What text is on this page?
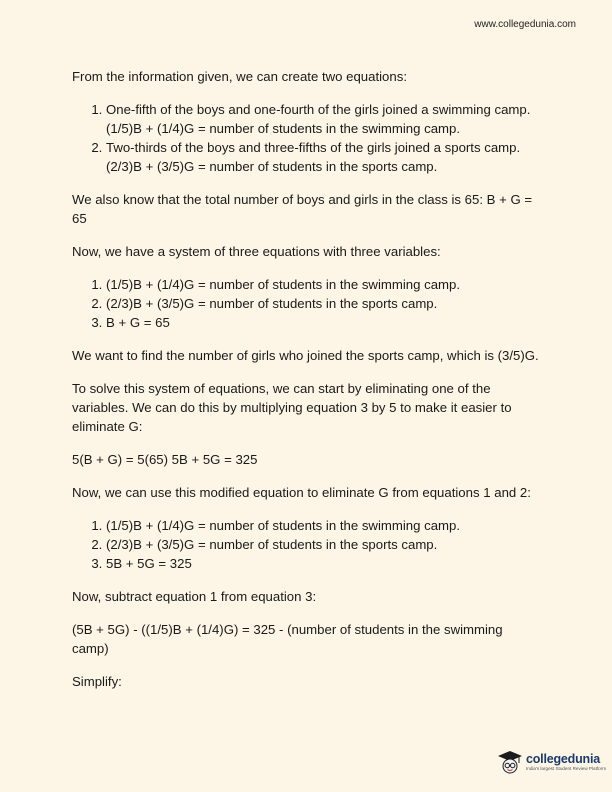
www.collegedunia.com

From the information given, we can create two equations:

1. One-fifth of the boys and one-fourth of the girls joined a swimming camp. (1/5)B + (1/4)G = number of students in the swimming camp.
2. Two-thirds of the boys and three-fifths of the girls joined a sports camp. (2/3)B + (3/5)G = number of students in the sports camp.

We also know that the total number of boys and girls in the class is 65: B + G = 65

Now, we have a system of three equations with three variables:

1. (1/5)B + (1/4)G = number of students in the swimming camp.
2. (2/3)B + (3/5)G = number of students in the sports camp.
3. B + G = 65

We want to find the number of girls who joined the sports camp, which is (3/5)G.

To solve this system of equations, we can start by eliminating one of the variables. We can do this by multiplying equation 3 by 5 to make it easier to eliminate G:

5(B + G) = 5(65) 5B + 5G = 325

Now, we can use this modified equation to eliminate G from equations 1 and 2:

1. (1/5)B + (1/4)G = number of students in the swimming camp.
2. (2/3)B + (3/5)G = number of students in the sports camp.
3. 5B + 5G = 325

Now, subtract equation 1 from equation 3:

(5B + 5G) - ((1/5)B + (1/4)G) = 325 - (number of students in the swimming camp)

Simplify:

collegedunia
India's largest Student Review Platform
